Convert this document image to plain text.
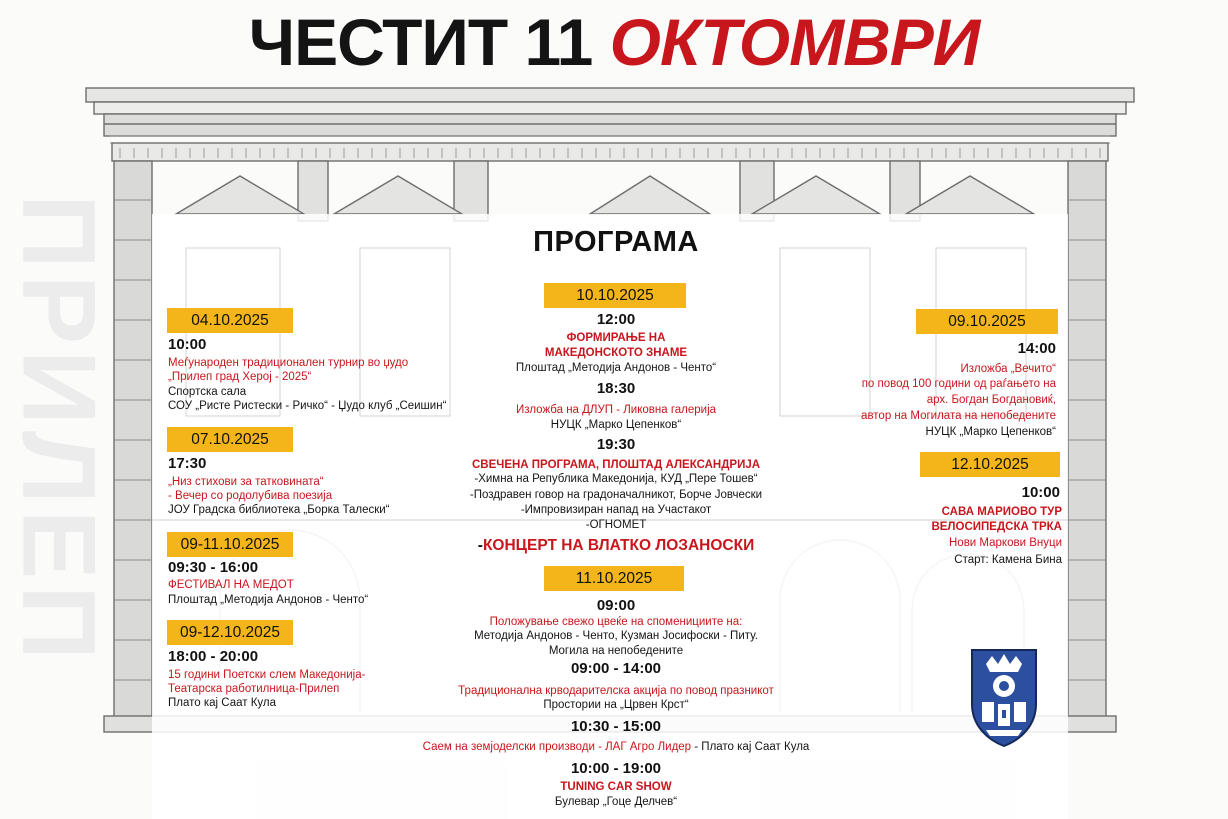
ПРИЛЕП
ЧЕСТИТ 11 ОКТОМВРИ
ПРОГРАМА
04.10.2025
10:00
Меѓународен традиционален турнир во џудо
„Прилеп град Херој - 2025“
Спортска сала
СОУ „Ристе Ристески - Ричко“ - Џудо клуб „Сеишин“
07.10.2025
17:30
„Низ стихови за татковината“
- Вечер со родолубива поезија
ЈОУ Градска библиотека „Борка Талески“
09-11.10.2025
09:30 - 16:00
ФЕСТИВАЛ НА МЕДОТ
Плоштад „Методија Андонов - Ченто“
09-12.10.2025
18:00 - 20:00
15 години Поетски слем Македонија-
Театарска работилница-Прилеп
Плато кај Саат Кула
10.10.2025
12:00
ФОРМИРАЊЕ НА
МАКЕДОНСКОТО ЗНАМЕ
Плоштад „Методија Андонов - Ченто“
18:30
Изложба на ДЛУП - Ликовна галерија
НУЦК „Марко Цепенков“
19:30
СВЕЧЕНА ПРОГРАМА, ПЛОШТАД АЛЕКСАНДРИЈА
-Химна на Република Македонија, КУД „Пере Тошев“
-Поздравен говор на градоначалникот, Борче Јовчески
-Импровизиран напад на Участакот
-ОГНОМЕТ
-КОНЦЕРТ НА ВЛАТКО ЛОЗАНОСКИ
11.10.2025
09:00
Положување свежо цвеќе на споменициите на:
Методија Андонов - Ченто, Кузман Јосифоски - Питу.
Могила на непобедените
09:00 - 14:00
Традиционална крводарителска акција по повод празникот
Простории на „Црвен Крст“
10:30 - 15:00
Саем на земјоделски производи - ЛАГ Агро Лидер - Плато кај Саат Кула
10:00 - 19:00
TUNING CAR SHOW
Булевар „Гоце Делчев“
09.10.2025
14:00
Изложба „Вечито“
по повод 100 години од раѓањето на
арх. Богдан Богдановиќ,
автор на Могилата на непобедените
НУЦК „Марко Цепенков“
12.10.2025
10:00
САВА МАРИОВО ТУР
ВЕЛОСИПЕДСКА ТРКА
Нови Маркови Внуци
Старт: Камена Бина
